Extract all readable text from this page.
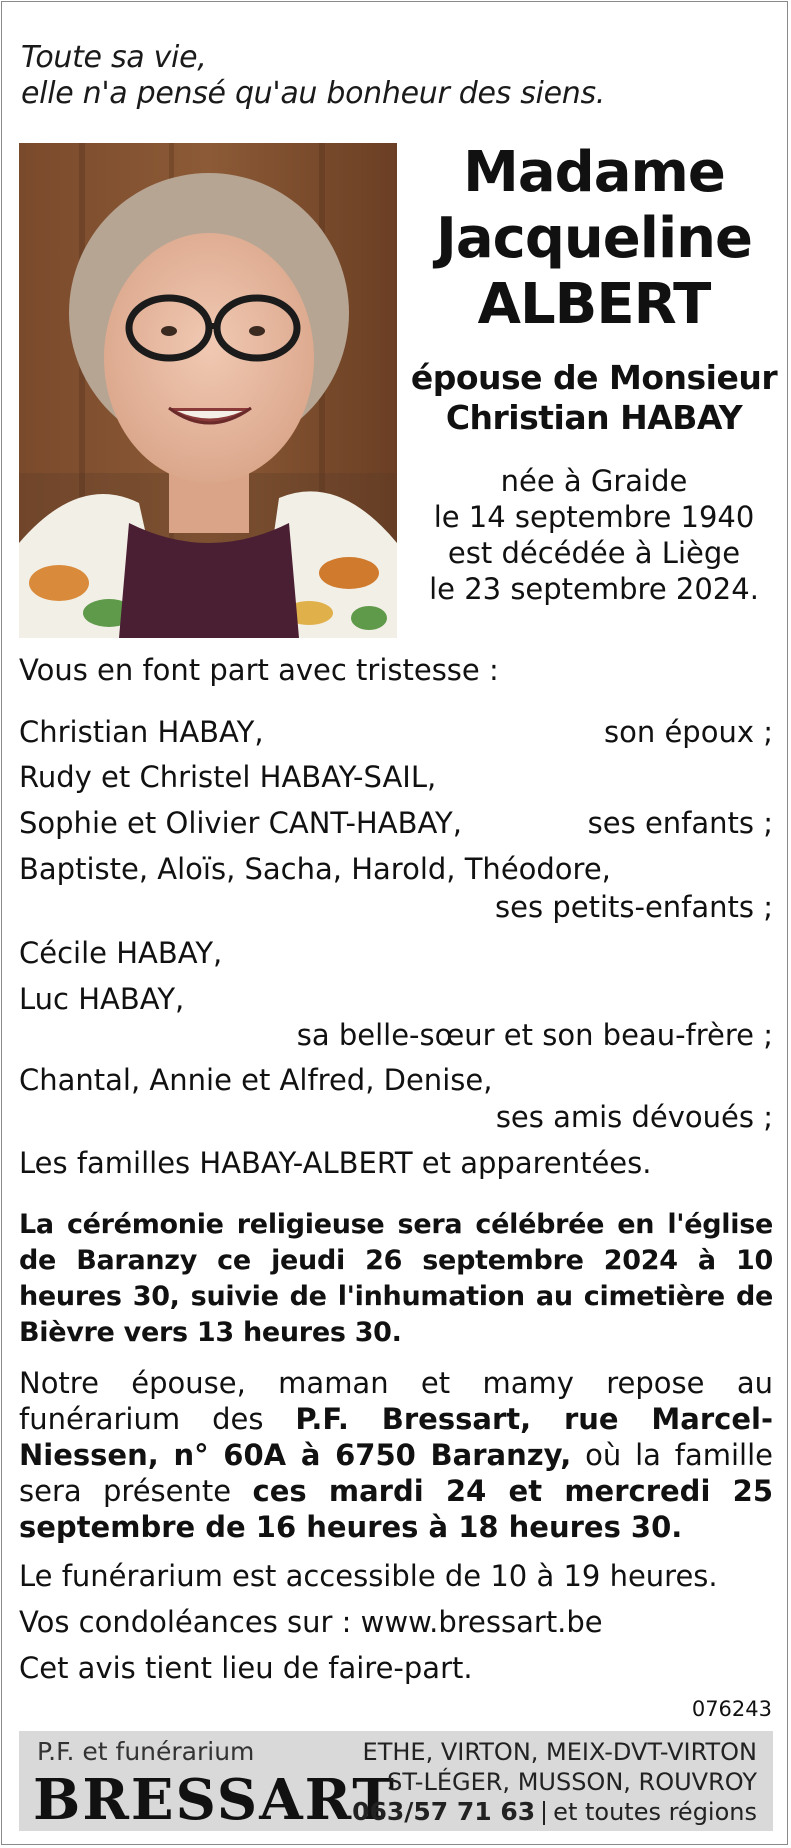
Toute sa vie,
elle n'a pensé qu'au bonheur des siens.
Madame
Jacqueline
ALBERT
épouse de Monsieur
Christian HABAY
née à Graide
le 14 septembre 1940
est décédée à Liège
le 23 septembre 2024.
Vous en font part avec tristesse :
Christian HABAY,	son époux ;
Rudy et Christel HABAY-SAIL,
Sophie et Olivier CANT-HABAY,	ses enfants ;
Baptiste, Aloïs, Sacha, Harold, Théodore,
ses petits-enfants ;
Cécile HABAY,
Luc HABAY,
sa belle-sœur et son beau-frère ;
Chantal, Annie et Alfred, Denise,
ses amis dévoués ;
Les familles HABAY-ALBERT et apparentées.
La cérémonie religieuse sera célébrée en l'église de Baranzy ce jeudi 26 septembre 2024 à 10 heures 30, suivie de l'inhumation au cimetière de Bièvre vers 13 heures 30.
Notre épouse, maman et mamy repose au funérarium des P.F. Bressart, rue Marcel-Niessen, n° 60A à 6750 Baranzy, où la famille sera présente ces mardi 24 et mercredi 25 septembre de 16 heures à 18 heures 30.
Le funérarium est accessible de 10 à 19 heures.
Vos condoléances sur : www.bressart.be
Cet avis tient lieu de faire-part.
076243
P.F. et funérarium
BRESSART
ETHE, VIRTON, MEIX-DVT-VIRTON
ST-LÉGER, MUSSON, ROUVROY
063/57 71 63 et toutes régions
